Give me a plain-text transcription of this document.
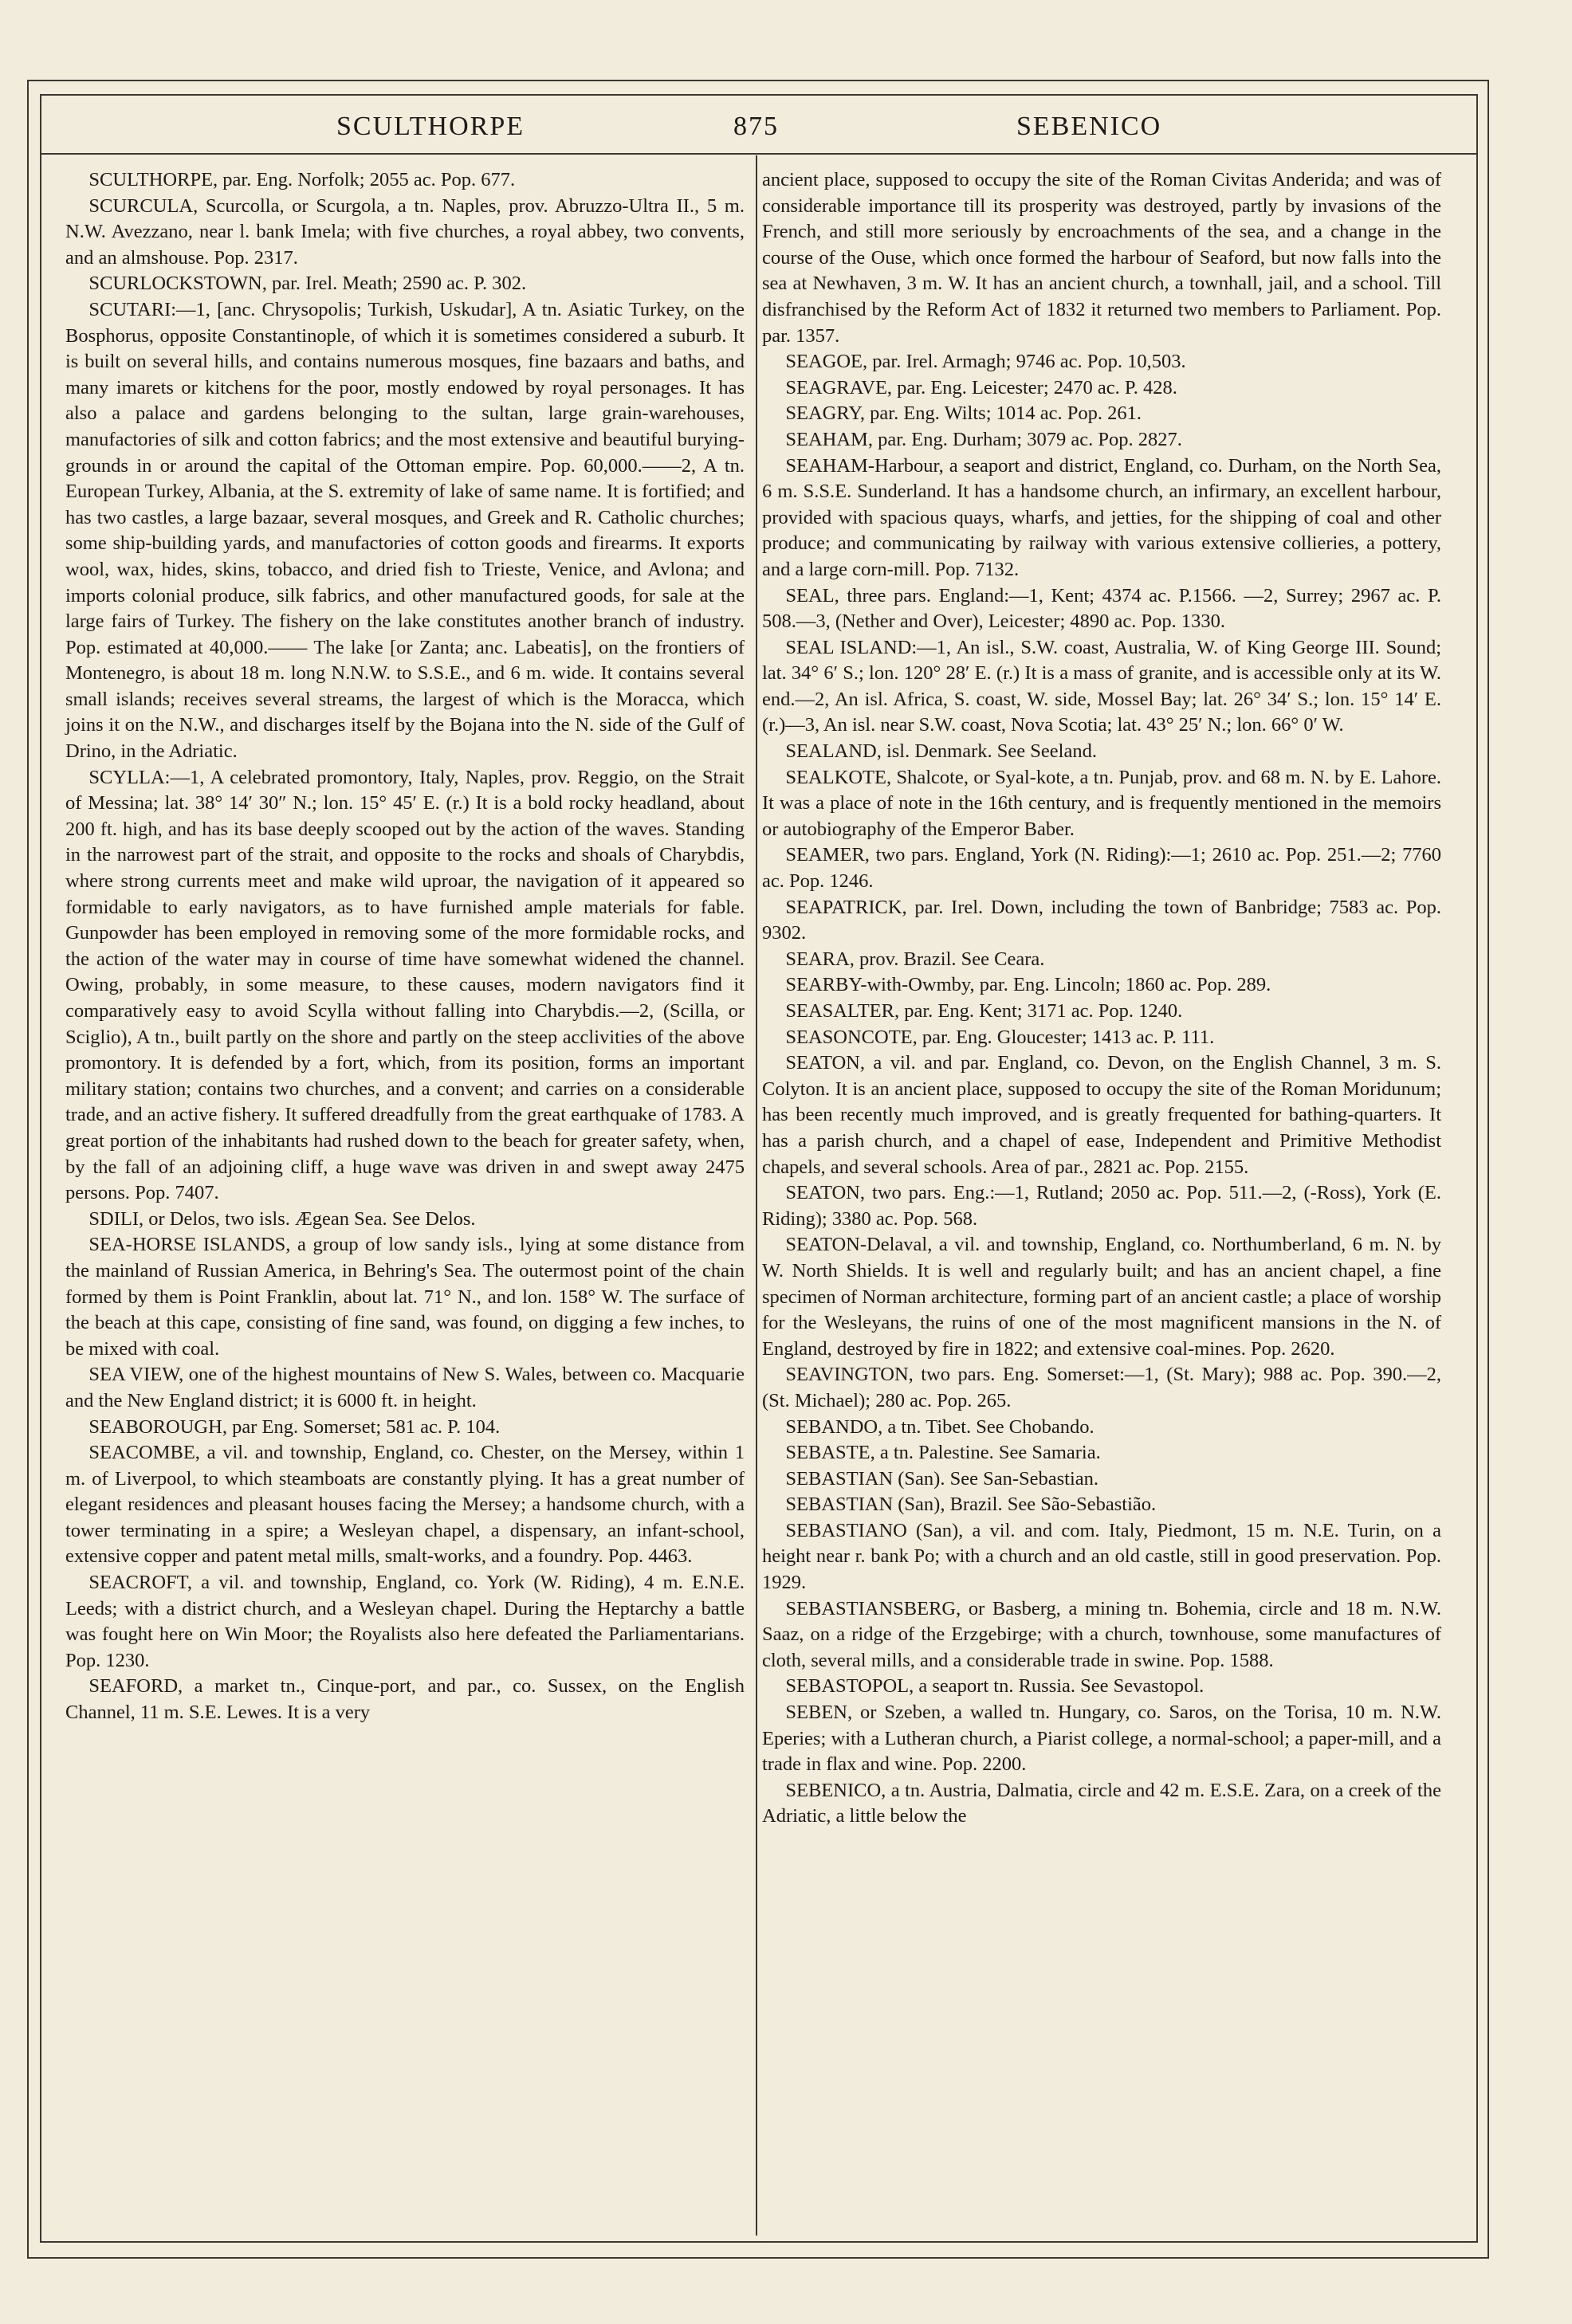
SCULTHORPE	875	SEBENICO

SCULTHORPE, par. Eng. Norfolk; 2055 ac. Pop. 677.

SCURCULA, Scurcolla, or Scurgola, a tn. Naples, prov. Abruzzo-Ultra II., 5 m. N.W. Avezzano, near l. bank Imela; with five churches, a royal abbey, two convents, and an almshouse. Pop. 2317.

SCURLOCKSTOWN, par. Irel. Meath; 2590 ac. P. 302.

SCUTARI:—1, [anc. Chrysopolis; Turkish, Uskudar], A tn. Asiatic Turkey, on the Bosphorus, opposite Constantinople, of which it is sometimes considered a suburb. It is built on several hills, and contains numerous mosques, fine bazaars and baths, and many imarets or kitchens for the poor, mostly endowed by royal personages. It has also a palace and gardens belonging to the sultan, large grain-warehouses, manufactories of silk and cotton fabrics; and the most extensive and beautiful burying-grounds in or around the capital of the Ottoman empire. Pop. 60,000.——2, A tn. European Turkey, Albania, at the S. extremity of lake of same name. It is fortified; and has two castles, a large bazaar, several mosques, and Greek and R. Catholic churches; some ship-building yards, and manufactories of cotton goods and firearms. It exports wool, wax, hides, skins, tobacco, and dried fish to Trieste, Venice, and Avlona; and imports colonial produce, silk fabrics, and other manufactured goods, for sale at the large fairs of Turkey. The fishery on the lake constitutes another branch of industry. Pop. estimated at 40,000.—— The lake [or Zanta; anc. Labeatis], on the frontiers of Montenegro, is about 18 m. long N.N.W. to S.S.E., and 6 m. wide. It contains several small islands; receives several streams, the largest of which is the Moracca, which joins it on the N.W., and discharges itself by the Bojana into the N. side of the Gulf of Drino, in the Adriatic.

SCYLLA:—1, A celebrated promontory, Italy, Naples, prov. Reggio, on the Strait of Messina; lat. 38° 14′ 30″ N.; lon. 15° 45′ E. (r.) It is a bold rocky headland, about 200 ft. high, and has its base deeply scooped out by the action of the waves. Standing in the narrowest part of the strait, and opposite to the rocks and shoals of Charybdis, where strong currents meet and make wild uproar, the navigation of it appeared so formidable to early navigators, as to have furnished ample materials for fable. Gunpowder has been employed in removing some of the more formidable rocks, and the action of the water may in course of time have somewhat widened the channel. Owing, probably, in some measure, to these causes, modern navigators find it comparatively easy to avoid Scylla without falling into Charybdis.—2, (Scilla, or Sciglio), A tn., built partly on the shore and partly on the steep acclivities of the above promontory. It is defended by a fort, which, from its position, forms an important military station; contains two churches, and a convent; and carries on a considerable trade, and an active fishery. It suffered dreadfully from the great earthquake of 1783. A great portion of the inhabitants had rushed down to the beach for greater safety, when, by the fall of an adjoining cliff, a huge wave was driven in and swept away 2475 persons. Pop. 7407.

SDILI, or Delos, two isls. Ægean Sea. See Delos.

SEA-HORSE ISLANDS, a group of low sandy isls., lying at some distance from the mainland of Russian America, in Behring's Sea. The outermost point of the chain formed by them is Point Franklin, about lat. 71° N., and lon. 158° W. The surface of the beach at this cape, consisting of fine sand, was found, on digging a few inches, to be mixed with coal.

SEA VIEW, one of the highest mountains of New S. Wales, between co. Macquarie and the New England district; it is 6000 ft. in height.

SEABOROUGH, par Eng. Somerset; 581 ac. P. 104.

SEACOMBE, a vil. and township, England, co. Chester, on the Mersey, within 1 m. of Liverpool, to which steamboats are constantly plying. It has a great number of elegant residences and pleasant houses facing the Mersey; a handsome church, with a tower terminating in a spire; a Wesleyan chapel, a dispensary, an infant-school, extensive copper and patent metal mills, smalt-works, and a foundry. Pop. 4463.

SEACROFT, a vil. and township, England, co. York (W. Riding), 4 m. E.N.E. Leeds; with a district church, and a Wesleyan chapel. During the Heptarchy a battle was fought here on Win Moor; the Royalists also here defeated the Parliamentarians. Pop. 1230.

SEAFORD, a market tn., Cinque-port, and par., co. Sussex, on the English Channel, 11 m. S.E. Lewes. It is a very

ancient place, supposed to occupy the site of the Roman Civitas Anderida; and was of considerable importance till its prosperity was destroyed, partly by invasions of the French, and still more seriously by encroachments of the sea, and a change in the course of the Ouse, which once formed the harbour of Seaford, but now falls into the sea at Newhaven, 3 m. W. It has an ancient church, a townhall, jail, and a school. Till disfranchised by the Reform Act of 1832 it returned two members to Parliament. Pop. par. 1357.

SEAGOE, par. Irel. Armagh; 9746 ac. Pop. 10,503.

SEAGRAVE, par. Eng. Leicester; 2470 ac. P. 428.

SEAGRY, par. Eng. Wilts; 1014 ac. Pop. 261.

SEAHAM, par. Eng. Durham; 3079 ac. Pop. 2827.

SEAHAM-Harbour, a seaport and district, England, co. Durham, on the North Sea, 6 m. S.S.E. Sunderland. It has a handsome church, an infirmary, an excellent harbour, provided with spacious quays, wharfs, and jetties, for the shipping of coal and other produce; and communicating by railway with various extensive collieries, a pottery, and a large corn-mill. Pop. 7132.

SEAL, three pars. England:—1, Kent; 4374 ac. P.1566. —2, Surrey; 2967 ac. P. 508.—3, (Nether and Over), Leicester; 4890 ac. Pop. 1330.

SEAL ISLAND:—1, An isl., S.W. coast, Australia, W. of King George III. Sound; lat. 34° 6′ S.; lon. 120° 28′ E. (r.) It is a mass of granite, and is accessible only at its W. end.—2, An isl. Africa, S. coast, W. side, Mossel Bay; lat. 26° 34′ S.; lon. 15° 14′ E. (r.)—3, An isl. near S.W. coast, Nova Scotia; lat. 43° 25′ N.; lon. 66° 0′ W.

SEALAND, isl. Denmark. See Seeland.

SEALKOTE, Shalcote, or Syal-kote, a tn. Punjab, prov. and 68 m. N. by E. Lahore. It was a place of note in the 16th century, and is frequently mentioned in the memoirs or autobiography of the Emperor Baber.

SEAMER, two pars. England, York (N. Riding):—1; 2610 ac. Pop. 251.—2; 7760 ac. Pop. 1246.

SEAPATRICK, par. Irel. Down, including the town of Banbridge; 7583 ac. Pop. 9302.

SEARA, prov. Brazil. See Ceara.

SEARBY-with-Owmby, par. Eng. Lincoln; 1860 ac. Pop. 289.

SEASALTER, par. Eng. Kent; 3171 ac. Pop. 1240.

SEASONCOTE, par. Eng. Gloucester; 1413 ac. P. 111.

SEATON, a vil. and par. England, co. Devon, on the English Channel, 3 m. S. Colyton. It is an ancient place, supposed to occupy the site of the Roman Moridunum; has been recently much improved, and is greatly frequented for bathing-quarters. It has a parish church, and a chapel of ease, Independent and Primitive Methodist chapels, and several schools. Area of par., 2821 ac. Pop. 2155.

SEATON, two pars. Eng.:—1, Rutland; 2050 ac. Pop. 511.—2, (-Ross), York (E. Riding); 3380 ac. Pop. 568.

SEATON-Delaval, a vil. and township, England, co. Northumberland, 6 m. N. by W. North Shields. It is well and regularly built; and has an ancient chapel, a fine specimen of Norman architecture, forming part of an ancient castle; a place of worship for the Wesleyans, the ruins of one of the most magnificent mansions in the N. of England, destroyed by fire in 1822; and extensive coal-mines. Pop. 2620.

SEAVINGTON, two pars. Eng. Somerset:—1, (St. Mary); 988 ac. Pop. 390.—2, (St. Michael); 280 ac. Pop. 265.

SEBANDO, a tn. Tibet. See Chobando.

SEBASTE, a tn. Palestine. See Samaria.

SEBASTIAN (San). See San-Sebastian.

SEBASTIAN (San), Brazil. See São-Sebastião.

SEBASTIANO (San), a vil. and com. Italy, Piedmont, 15 m. N.E. Turin, on a height near r. bank Po; with a church and an old castle, still in good preservation. Pop. 1929.

SEBASTIANSBERG, or Basberg, a mining tn. Bohemia, circle and 18 m. N.W. Saaz, on a ridge of the Erzgebirge; with a church, townhouse, some manufactures of cloth, several mills, and a considerable trade in swine. Pop. 1588.

SEBASTOPOL, a seaport tn. Russia. See Sevastopol.

SEBEN, or Szeben, a walled tn. Hungary, co. Saros, on the Torisa, 10 m. N.W. Eperies; with a Lutheran church, a Piarist college, a normal-school; a paper-mill, and a trade in flax and wine. Pop. 2200.

SEBENICO, a tn. Austria, Dalmatia, circle and 42 m. E.S.E. Zara, on a creek of the Adriatic, a little below the
